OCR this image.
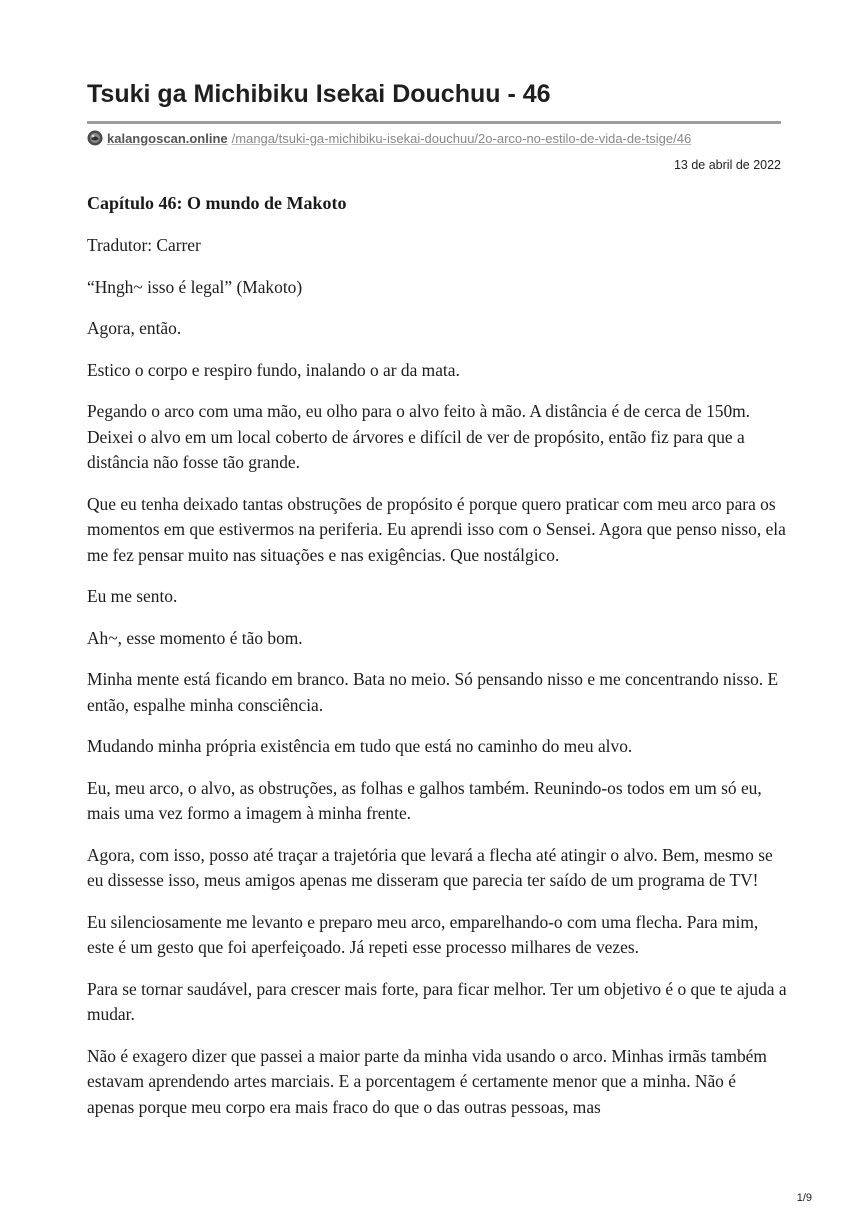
Tsuki ga Michibiku Isekai Douchuu - 46
kalangoscan.online /manga/tsuki-ga-michibiku-isekai-douchuu/2o-arco-no-estilo-de-vida-de-tsige/46
13 de abril de 2022
Capítulo 46: O mundo de Makoto

Tradutor: Carrer

“Hngh~ isso é legal” (Makoto)

Agora, então.

Estico o corpo e respiro fundo, inalando o ar da mata.

Pegando o arco com uma mão, eu olho para o alvo feito à mão. A distância é de cerca de 150m. Deixei o alvo em um local coberto de árvores e difícil de ver de propósito, então fiz para que a distância não fosse tão grande.

Que eu tenha deixado tantas obstruções de propósito é porque quero praticar com meu arco para os momentos em que estivermos na periferia. Eu aprendi isso com o Sensei. Agora que penso nisso, ela me fez pensar muito nas situações e nas exigências. Que nostálgico.

Eu me sento.

Ah~, esse momento é tão bom.

Minha mente está ficando em branco. Bata no meio. Só pensando nisso e me concentrando nisso. E então, espalhe minha consciência.

Mudando minha própria existência em tudo que está no caminho do meu alvo.

Eu, meu arco, o alvo, as obstruções, as folhas e galhos também. Reunindo-os todos em um só eu, mais uma vez formo a imagem à minha frente.

Agora, com isso, posso até traçar a trajetória que levará a flecha até atingir o alvo. Bem, mesmo se eu dissesse isso, meus amigos apenas me disseram que parecia ter saído de um programa de TV!

Eu silenciosamente me levanto e preparo meu arco, emparelhando-o com uma flecha. Para mim, este é um gesto que foi aperfeiçoado. Já repeti esse processo milhares de vezes.

Para se tornar saudável, para crescer mais forte, para ficar melhor. Ter um objetivo é o que te ajuda a mudar.

Não é exagero dizer que passei a maior parte da minha vida usando o arco. Minhas irmãs também estavam aprendendo artes marciais. E a porcentagem é certamente menor que a minha. Não é apenas porque meu corpo era mais fraco do que o das outras pessoas, mas

1/9
